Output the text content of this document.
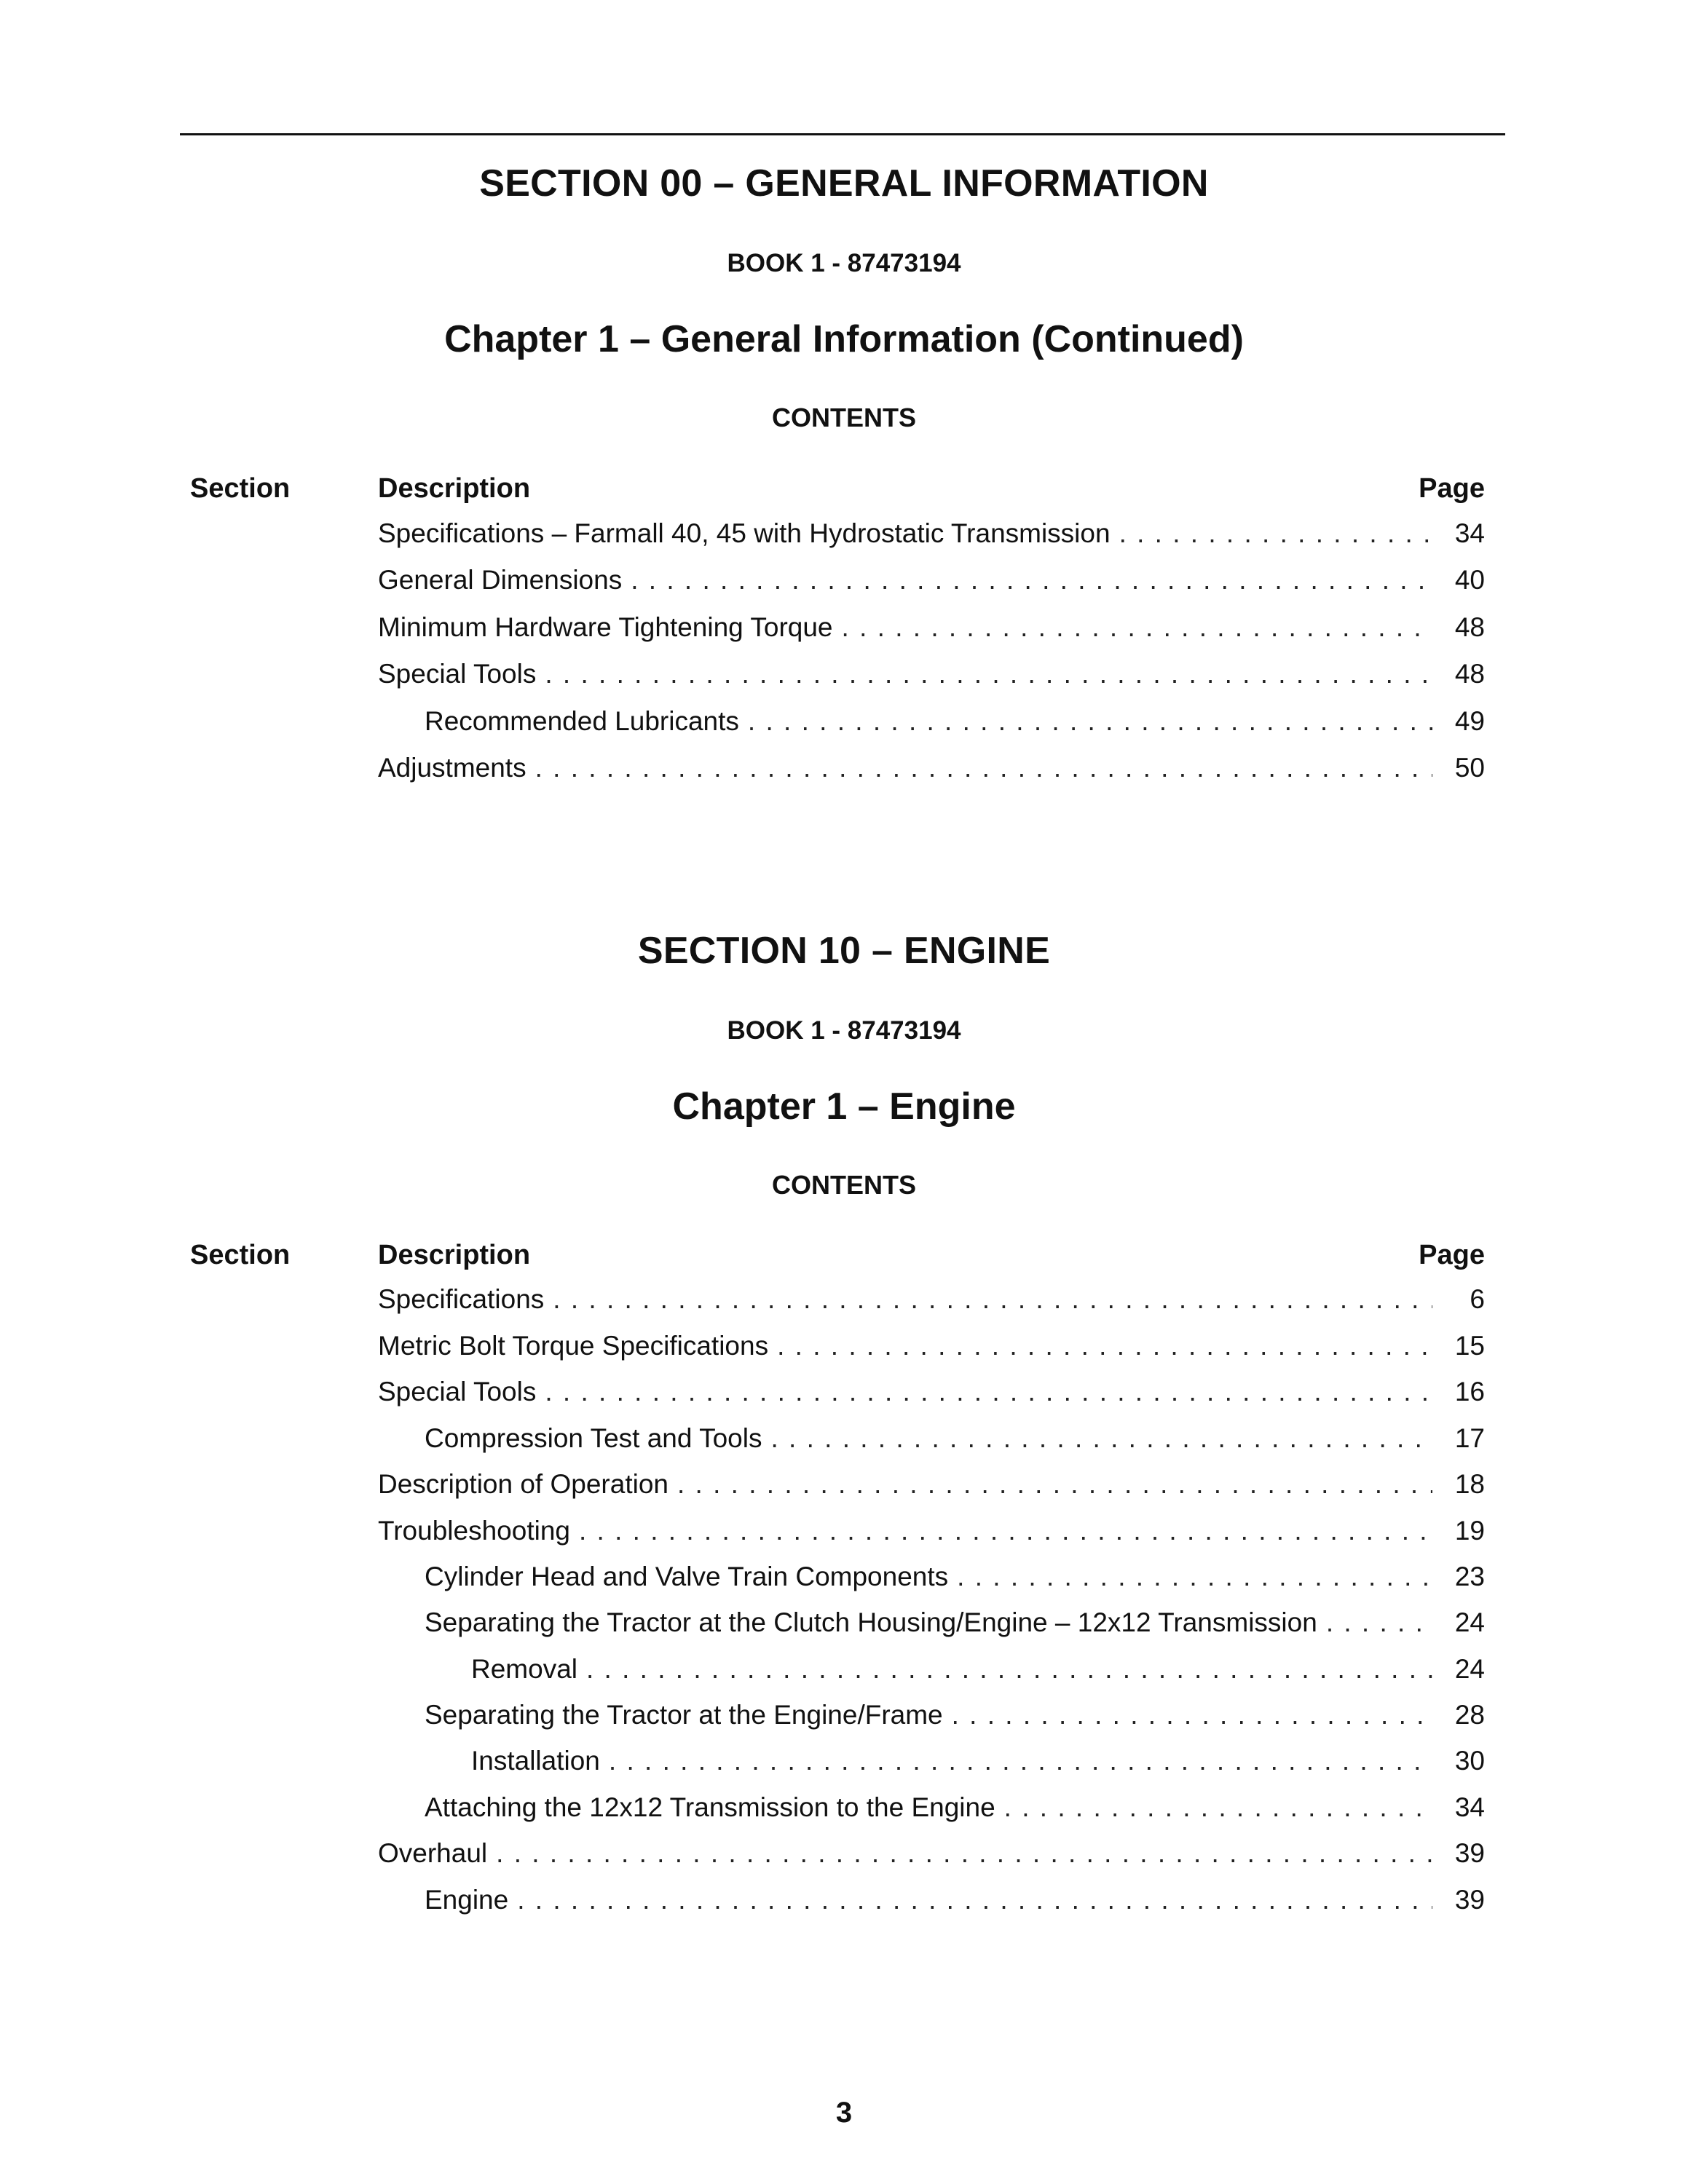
SECTION 00 – GENERAL INFORMATION
BOOK 1 - 87473194
Chapter 1 – General Information (Continued)
CONTENTS
Section	Description	Page
Specifications – Farmall 40, 45 with Hydrostatic Transmission . . .	34
General Dimensions . . .	40
Minimum Hardware Tightening Torque . . .	48
Special Tools . . .	48
Recommended Lubricants . . .	49
Adjustments . . .	50
SECTION 10 – ENGINE
BOOK 1 - 87473194
Chapter 1 – Engine
CONTENTS
Section	Description	Page
Specifications . . .	6
Metric Bolt Torque Specifications . . .	15
Special Tools . . .	16
Compression Test and Tools . . .	17
Description of Operation . . .	18
Troubleshooting . . .	19
Cylinder Head and Valve Train Components . . .	23
Separating the Tractor at the Clutch Housing/Engine – 12x12 Transmission . . .	24
Removal . . .	24
Separating the Tractor at the Engine/Frame . . .	28
Installation . . .	30
Attaching the 12x12 Transmission to the Engine . . .	34
Overhaul . . .	39
Engine . . .	39
3
